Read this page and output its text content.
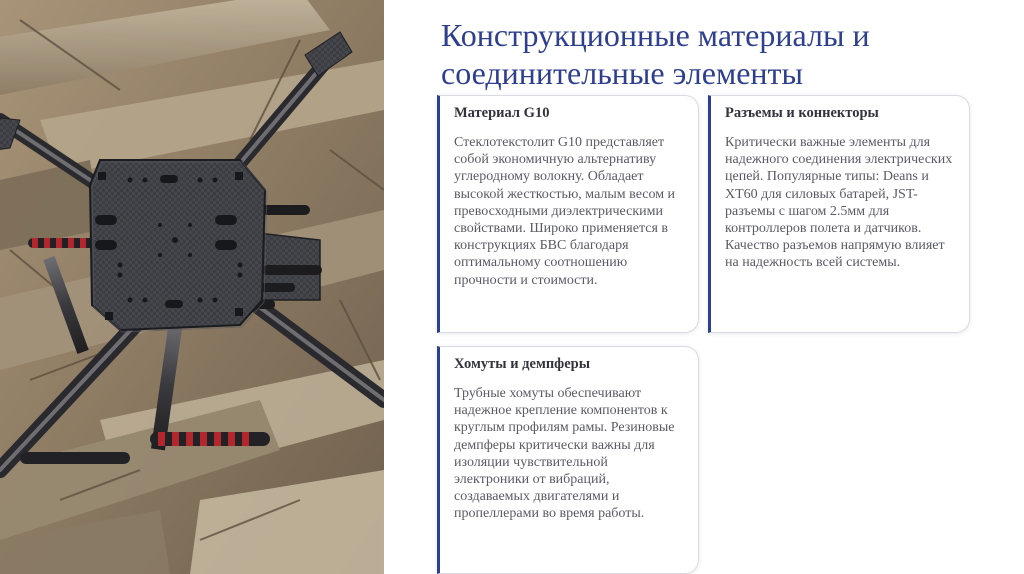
Конструкционные материалы и соединительные элементы
Материал G10

Стеклотекстолит G10 представляет собой экономичную альтернативу углеродному волокну. Обладает высокой жесткостью, малым весом и превосходными диэлектрическими свойствами. Широко применяется в конструкциях БВС благодаря оптимальному соотношению прочности и стоимости.

Разъемы и коннекторы

Критически важные элементы для надежного соединения электрических цепей. Популярные типы: Deans и XT60 для силовых батарей, JST-разъемы с шагом 2.5мм для контроллеров полета и датчиков. Качество разъемов напрямую влияет на надежность всей системы.

Хомуты и демпферы

Трубные хомуты обеспечивают надежное крепление компонентов к круглым профилям рамы. Резиновые демпферы критически важны для изоляции чувствительной электроники от вибраций, создаваемых двигателями и пропеллерами во время работы.
